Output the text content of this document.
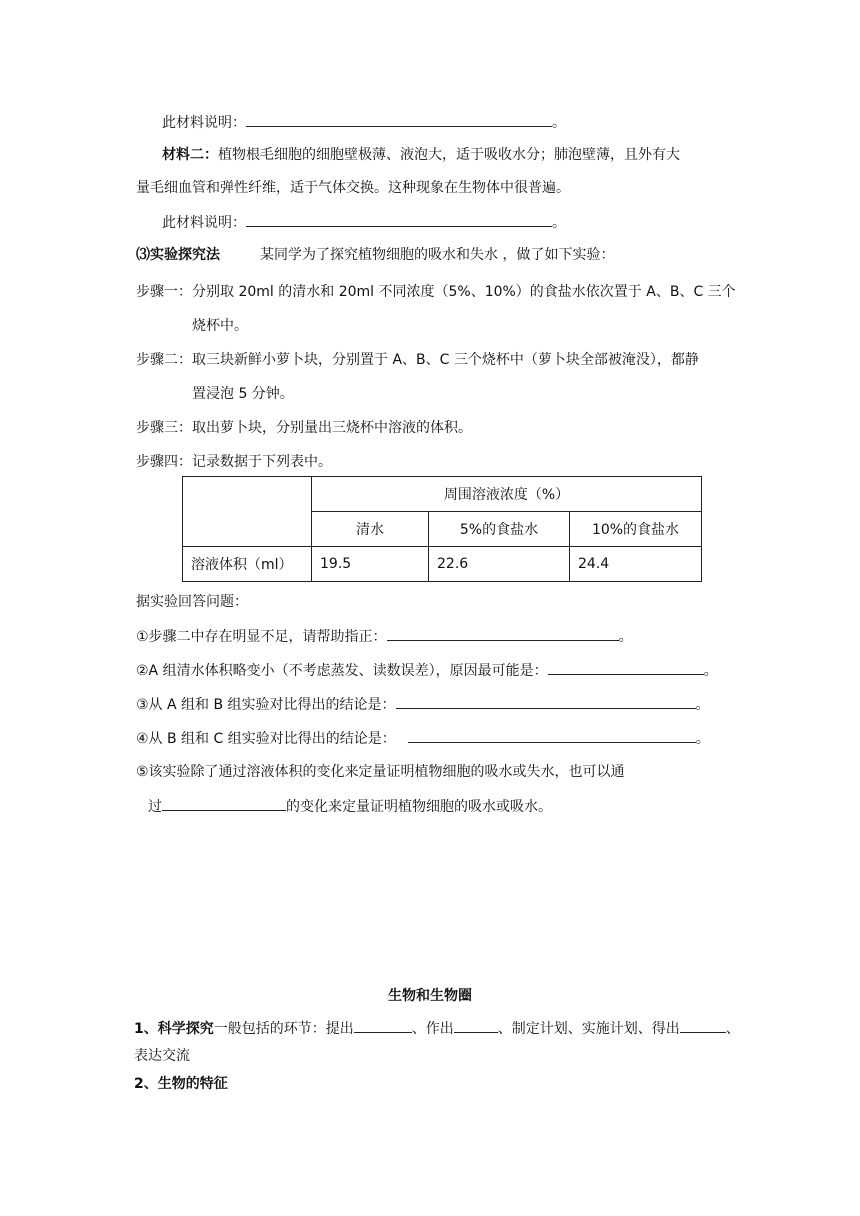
此材料说明：	。
材料二：植物根毛细胞的细胞壁极薄、液泡大，适于吸收水分；肺泡壁薄，且外有大
量毛细血管和弹性纤维，适于气体交换。这种现象在生物体中很普遍。
此材料说明：	。
⑶实验探究法	某同学为了探究植物细胞的吸水和失水 ，做了如下实验：
步骤一：分别取 20ml 的清水和 20ml 不同浓度（5%、10%）的食盐水依次置于 A、B、C 三个
烧杯中。
步骤二：取三块新鲜小萝卜块，分别置于 A、B、C 三个烧杯中（萝卜块全部被淹没），都静
置浸泡 5 分钟。
步骤三：取出萝卜块，分别量出三烧杯中溶液的体积。
步骤四：记录数据于下列表中。
	周围溶液浓度（%）		
	清水	5%的食盐水	10%的食盐水
溶液体积（ml）	19.5	22.6	24.4
据实验回答问题：
①步骤二中存在明显不足，请帮助指正：	。
②A 组清水体积略变小（不考虑蒸发、读数误差），原因最可能是：	。
③从 A 组和 B 组实验对比得出的结论是：	。
④从 B 组和 C 组实验对比得出的结论是：	。
⑤该实验除了通过溶液体积的变化来定量证明植物细胞的吸水或失水，也可以通
过	的变化来定量证明植物细胞的吸水或吸水。
生物和生物圈
1、科学探究一般包括的环节：提出	、作出	、制定计划、实施计划、得出	、
表达交流
2、生物的特征
